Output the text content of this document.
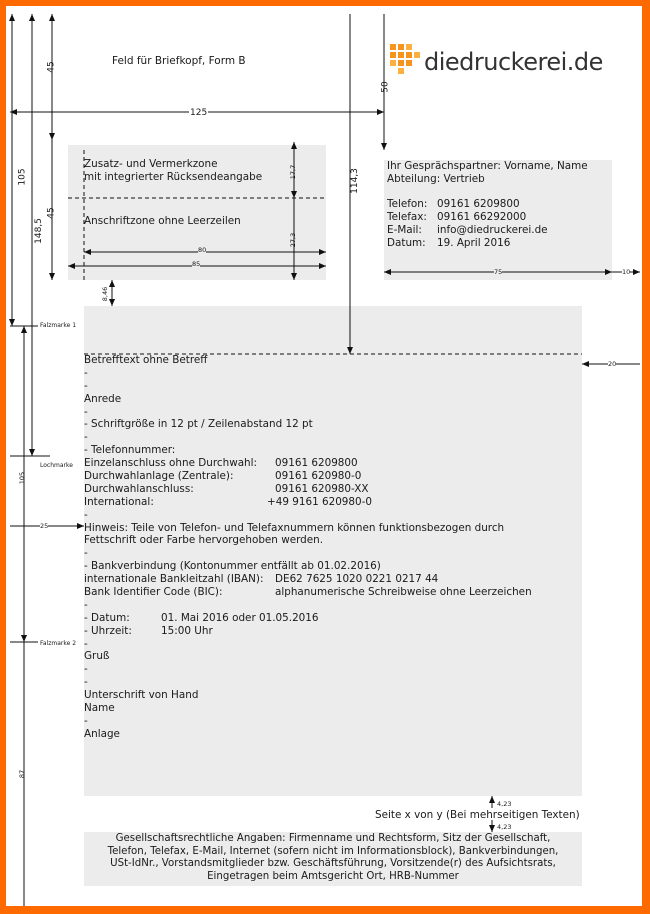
diedruckerei.de
Feld für Briefkopf, Form B
Zusatz- und Vermerkzone
mit integrierter Rücksendeangabe
Anschriftzone ohne Leerzeilen
Ihr Gesprächspartner: Vorname, Name
Abteilung: Vertrieb
Telefon: 09161 6209800
Telefax: 09161 66292000
E-Mail: info@diedruckerei.de
Datum: 19. April 2016
45
125
50
105
148,5
45
17,7	114,3
27,3
80
85
75	10
8,46
20
105
25
87
4,23
4,23
Falzmarke 1
Lochmarke
Falzmarke 2
Betrefftext ohne Betreff
-
-
Anrede
-
- Schriftgröße in 12 pt / Zeilenabstand 12 pt
-
- Telefonnummer:
Einzelanschluss ohne Durchwahl: 09161 6209800
Durchwahlanlage (Zentrale):	09161 620980-0
Durchwahlanschluss:	09161 620980-XX
International:	+49 9161 620980-0
-
Hinweis: Teile von Telefon- und Telefaxnummern können funktionsbezogen durch
Fettschrift oder Farbe hervorgehoben werden.
-
- Bankverbindung (Kontonummer entfällt ab 01.02.2016)
internationale Bankleitzahl (IBAN): DE62 7625 1020 0221 0217 44
Bank Identifier Code (BIC):	alphanumerische Schreibweise ohne Leerzeichen
-
- Datum:	01. Mai 2016 oder 01.05.2016
- Uhrzeit:	15:00 Uhr
-
Gruß
-
-
Unterschrift von Hand
Name
-
Anlage
Seite x von y (Bei mehrseitigen Texten)
Gesellschaftsrechtliche Angaben: Firmenname und Rechtsform, Sitz der Gesellschaft,
Telefon, Telefax, E-Mail, Internet (sofern nicht im Informationsblock), Bankverbindungen,
USt-IdNr., Vorstandsmitglieder bzw. Geschäftsführung, Vorsitzende(r) des Aufsichtsrats,
Eingetragen beim Amtsgericht Ort, HRB-Nummer
